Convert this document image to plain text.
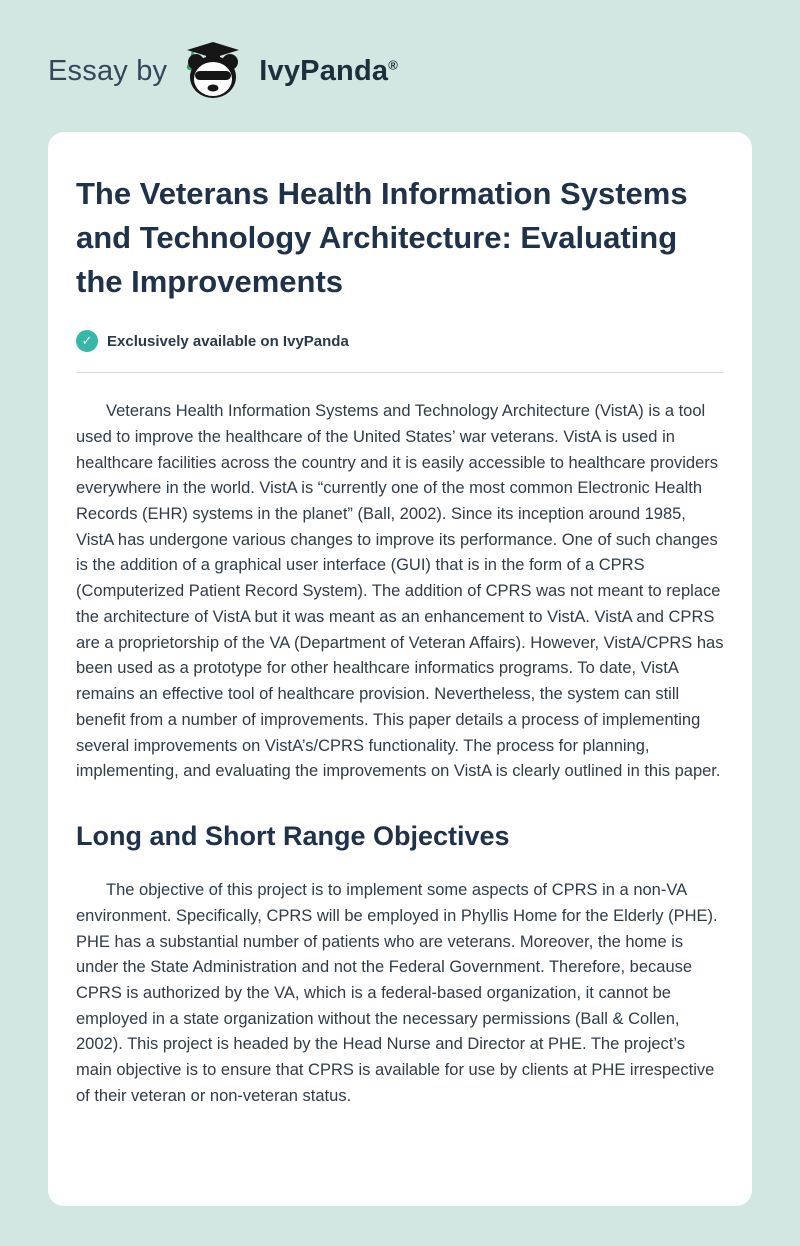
Essay by	IvyPanda®
The Veterans Health Information Systems and Technology Architecture: Evaluating the Improvements
✓ Exclusively available on IvyPanda

Veterans Health Information Systems and Technology Architecture (VistA) is a tool used to improve the healthcare of the United States’ war veterans. VistA is used in healthcare facilities across the country and it is easily accessible to healthcare providers everywhere in the world. VistA is “currently one of the most common Electronic Health Records (EHR) systems in the planet” (Ball, 2002). Since its inception around 1985, VistA has undergone various changes to improve its performance. One of such changes is the addition of a graphical user interface (GUI) that is in the form of a CPRS (Computerized Patient Record System). The addition of CPRS was not meant to replace the architecture of VistA but it was meant as an enhancement to VistA. VistA and CPRS are a proprietorship of the VA (Department of Veteran Affairs). However, VistA/CPRS has been used as a prototype for other healthcare informatics programs. To date, VistA remains an effective tool of healthcare provision. Nevertheless, the system can still benefit from a number of improvements. This paper details a process of implementing several improvements on VistA’s/CPRS functionality. The process for planning, implementing, and evaluating the improvements on VistA is clearly outlined in this paper.

Long and Short Range Objectives

The objective of this project is to implement some aspects of CPRS in a non-VA environment. Specifically, CPRS will be employed in Phyllis Home for the Elderly (PHE). PHE has a substantial number of patients who are veterans. Moreover, the home is under the State Administration and not the Federal Government. Therefore, because CPRS is authorized by the VA, which is a federal-based organization, it cannot be employed in a state organization without the necessary permissions (Ball & Collen, 2002). This project is headed by the Head Nurse and Director at PHE. The project’s main objective is to ensure that CPRS is available for use by clients at PHE irrespective of their veteran or non-veteran status.
